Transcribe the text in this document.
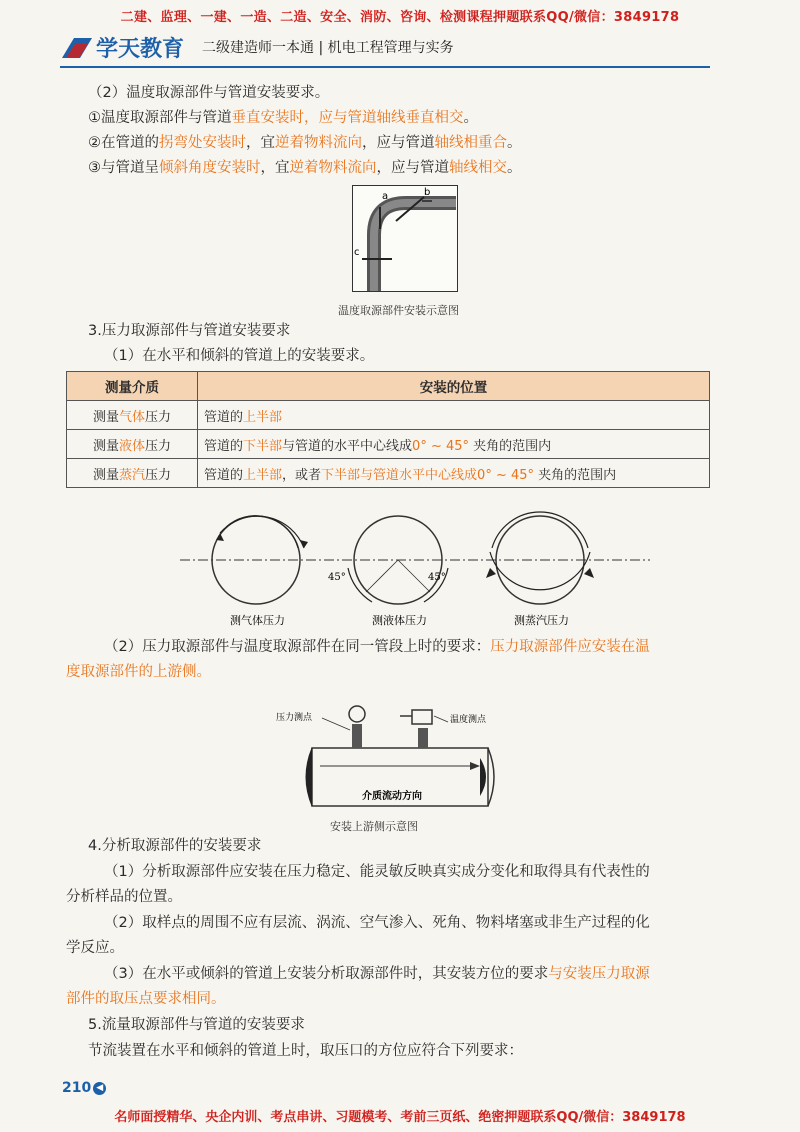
二建、监理、一建、一造、二造、安全、消防、咨询、检测课程押题联系QQ/微信：3849178
学天教育 二级建造师一本通 | 机电工程管理与实务
（2）温度取源部件与管道安装要求。
①温度取源部件与管道垂直安装时，应与管道轴线垂直相交。
②在管道的拐弯处安装时，宜逆着物料流向，应与管道轴线相重合。
③与管道呈倾斜角度安装时，宜逆着物料流向，应与管道轴线相交。
a	b
c
温度取源部件安装示意图
3.压力取源部件与管道安装要求
（1）在水平和倾斜的管道上的安装要求。
测量介质	安装的位置
测量气体压力	管道的上半部
测量液体压力	管道的下半部与管道的水平中心线成0° ~ 45° 夹角的范围内
测量蒸汽压力	管道的上半部，或者下半部与管道水平中心线成0° ~ 45° 夹角的范围内
45°	45°
测气体压力	测液体压力	测蒸汽压力
（2）压力取源部件与温度取源部件在同一管段上时的要求：压力取源部件应安装在温
度取源部件的上游侧。
压力测点	温度测点
介质流动方向
安装上游侧示意图
4.分析取源部件的安装要求
（1）分析取源部件应安装在压力稳定、能灵敏反映真实成分变化和取得具有代表性的
分析样品的位置。
（2）取样点的周围不应有层流、涡流、空气渗入、死角、物料堵塞或非生产过程的化
学反应。
（3）在水平或倾斜的管道上安装分析取源部件时，其安装方位的要求与安装压力取源
部件的取压点要求相同。
5.流量取源部件与管道的安装要求
节流装置在水平和倾斜的管道上时，取压口的方位应符合下列要求：
210 ◀
名师面授精华、央企内训、考点串讲、习题模考、考前三页纸、绝密押题联系QQ/微信：3849178
